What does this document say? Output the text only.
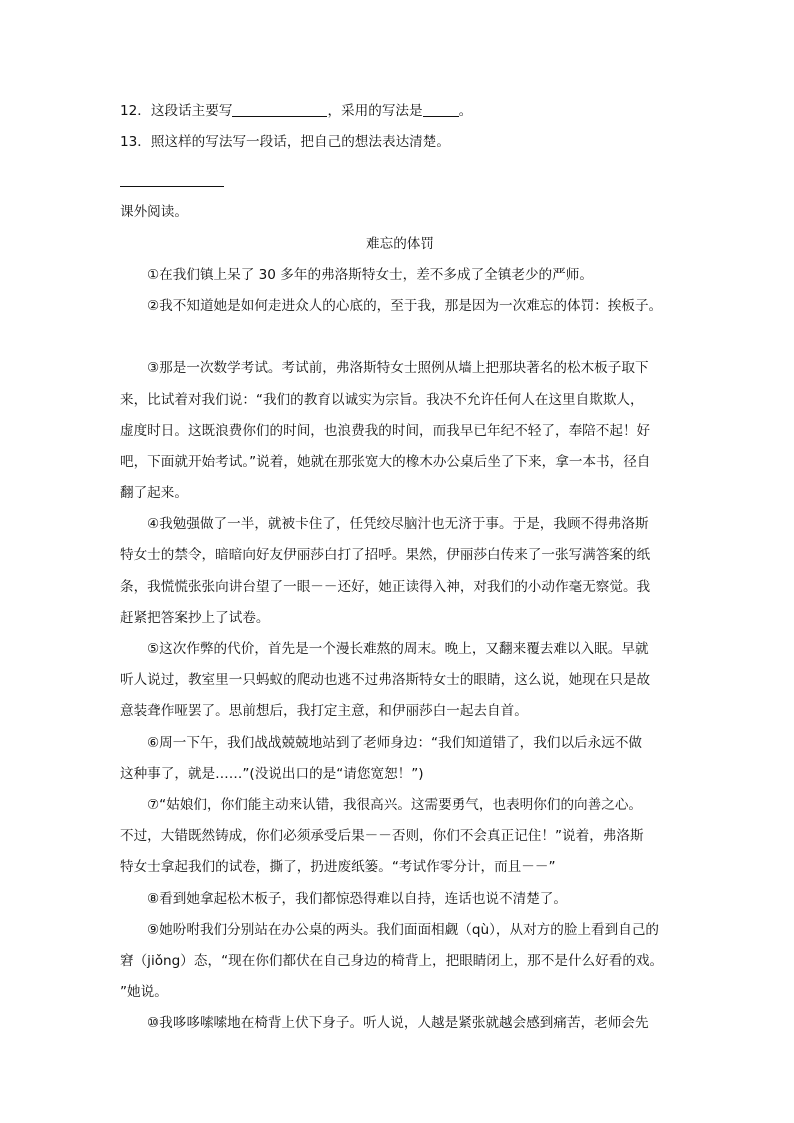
12．这段话主要写	，采用的写法是	。
13．照这样的写法写一段话，把自己的想法表达清楚。
课外阅读。
难忘的体罚
①在我们镇上呆了 30 多年的弗洛斯特女士，差不多成了全镇老少的严师。
②我不知道她是如何走进众人的心底的，至于我，那是因为一次难忘的体罚：挨板子。
③那是一次数学考试。考试前，弗洛斯特女士照例从墙上把那块著名的松木板子取下
来，比试着对我们说：“我们的教育以诚实为宗旨。我决不允许任何人在这里自欺欺人，
虚度时日。这既浪费你们的时间，也浪费我的时间，而我早已年纪不轻了，奉陪不起！好
吧，下面就开始考试。”说着，她就在那张宽大的橡木办公桌后坐了下来，拿一本书，径自
翻了起来。
④我勉强做了一半，就被卡住了，任凭绞尽脑汁也无济于事。于是，我顾不得弗洛斯
特女士的禁令，暗暗向好友伊丽莎白打了招呼。果然，伊丽莎白传来了一张写满答案的纸
条，我慌慌张张向讲台望了一眼－－还好，她正读得入神，对我们的小动作毫无察觉。我
赶紧把答案抄上了试卷。
⑤这次作弊的代价，首先是一个漫长难熬的周末。晚上，又翻来覆去难以入眠。早就
听人说过，教室里一只蚂蚁的爬动也逃不过弗洛斯特女士的眼睛，这么说，她现在只是故
意装聋作哑罢了。思前想后，我打定主意，和伊丽莎白一起去自首。
⑥周一下午，我们战战兢兢地站到了老师身边：“我们知道错了，我们以后永远不做
这种事了，就是……”(没说出口的是“请您宽恕！”)
⑦“姑娘们，你们能主动来认错，我很高兴。这需要勇气，也表明你们的向善之心。
不过，大错既然铸成，你们必须承受后果－－否则，你们不会真正记住！”说着，弗洛斯
特女士拿起我们的试卷，撕了，扔进废纸篓。“考试作零分计，而且－－”
⑧看到她拿起松木板子，我们都惊恐得难以自持，连话也说不清楚了。
⑨她吩咐我们分别站在办公桌的两头。我们面面相觑（qù），从对方的脸上看到自己的
窘（jiǒng）态，“现在你们都伏在自己身边的椅背上，把眼睛闭上，那不是什么好看的戏。
”她说。
⑩我哆哆嗦嗦地在椅背上伏下身子。听人说，人越是紧张就越会感到痛苦，老师会先
